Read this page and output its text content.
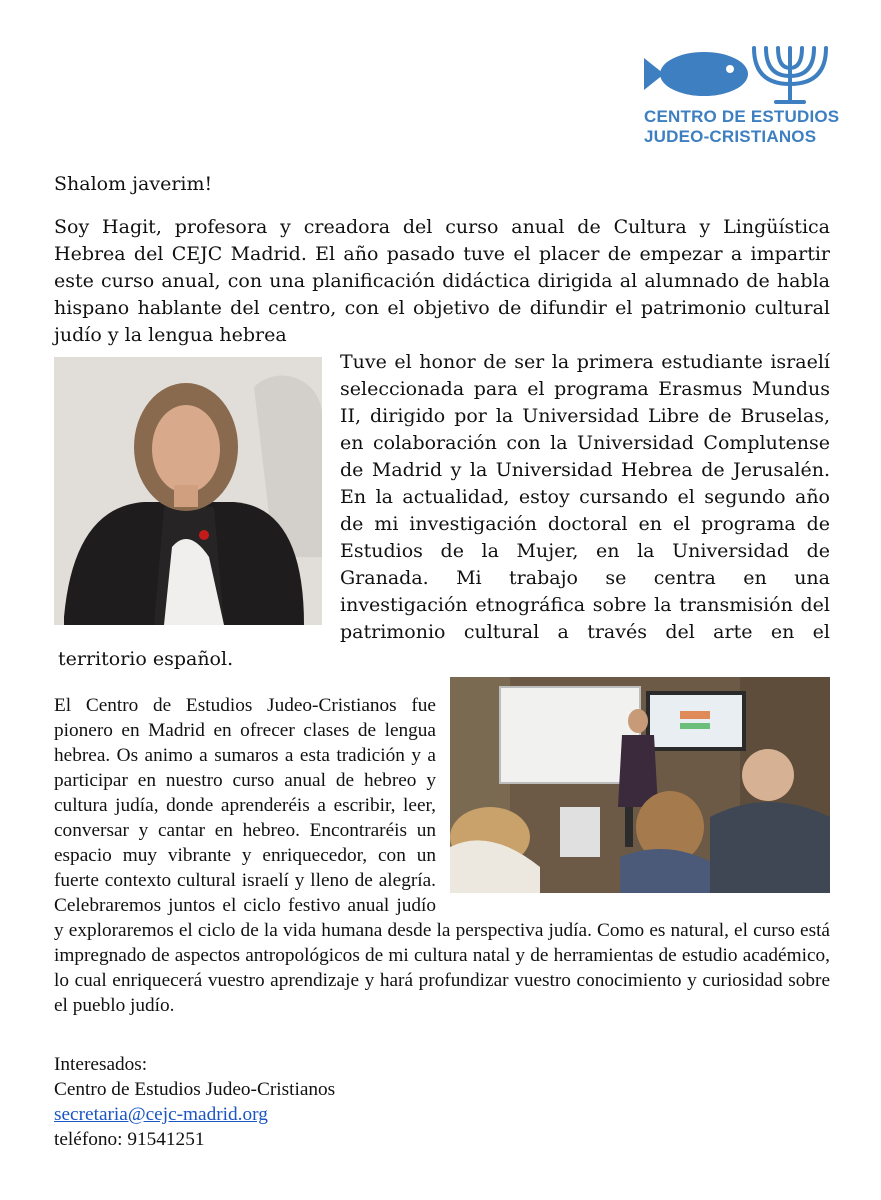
CENTRO DE ESTUDIOS
JUDEO-CRISTIANOS

Shalom javerim!

Soy Hagit, profesora y creadora del curso anual de Cultura y Lingüística Hebrea del CEJC Madrid. El año pasado tuve el placer de empezar a impartir este curso anual, con una planificación didáctica dirigida al alumnado de habla hispano hablante del centro, con el objetivo de difundir el patrimonio cultural judío y la lengua hebrea

Tuve el honor de ser la primera estudiante israelí seleccionada para el programa Erasmus Mundus II, dirigido por la Universidad Libre de Bruselas, en colaboración con la Universidad Complutense de Madrid y la Universidad Hebrea de Jerusalén. En la actualidad, estoy cursando el segundo año de mi investigación doctoral en el programa de Estudios de la Mujer, en la Universidad de Granada. Mi trabajo se centra en una investigación etnográfica sobre la transmisión del patrimonio cultural a través del arte en el territorio español.

El Centro de Estudios Judeo-Cristianos fue pionero en Madrid en ofrecer clases de lengua hebrea. Os animo a sumaros a esta tradición y a participar en nuestro curso anual de hebreo y cultura judía, donde aprenderéis a escribir, leer, conversar y cantar en hebreo. Encontraréis un espacio muy vibrante y enriquecedor, con un fuerte contexto cultural israelí y lleno de alegría. Celebraremos juntos el ciclo festivo anual judío y exploraremos el ciclo de la vida humana desde la perspectiva judía. Como es natural, el curso está impregnado de aspectos antropológicos de mi cultura natal y de herramientas de estudio académico, lo cual enriquecerá vuestro aprendizaje y hará profundizar vuestro conocimiento y curiosidad sobre el pueblo judío.

Interesados:
Centro de Estudios Judeo-Cristianos
secretaria@cejc-madrid.org
teléfono: 91541251
